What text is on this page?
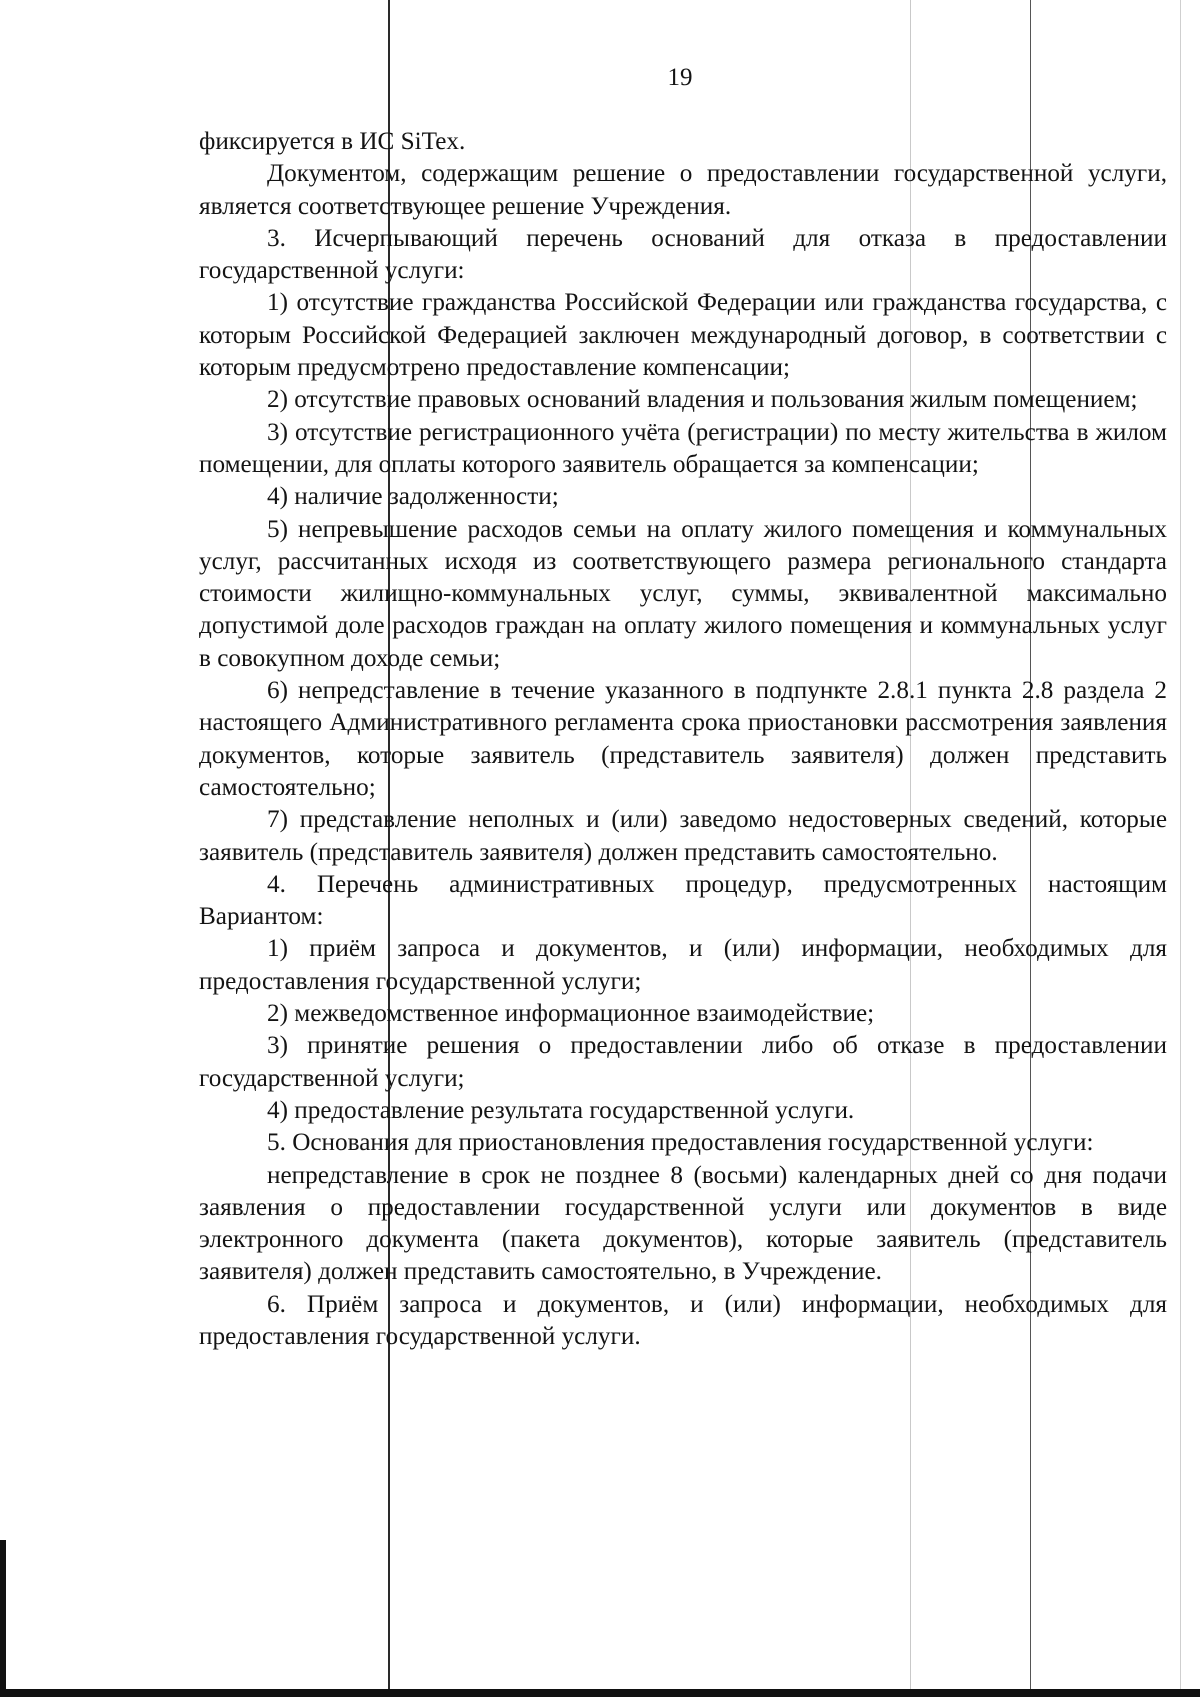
19

фиксируется в ИС SiTex.

Документом, содержащим решение о предоставлении государственной услуги, является соответствующее решение Учреждения.

3. Исчерпывающий перечень оснований для отказа в предоставлении государственной услуги:

1) отсутствие гражданства Российской Федерации или гражданства государства, с которым Российской Федерацией заключен международный договор, в соответствии с которым предусмотрено предоставление компенсации;

2) отсутствие правовых оснований владения и пользования жилым помещением;

3) отсутствие регистрационного учёта (регистрации) по месту жительства в жилом помещении, для оплаты которого заявитель обращается за компенсации;

4) наличие задолженности;

5) непревышение расходов семьи на оплату жилого помещения и коммунальных услуг, рассчитанных исходя из соответствующего размера регионального стандарта стоимости жилищно-коммунальных услуг, суммы, эквивалентной максимально допустимой доле расходов граждан на оплату жилого помещения и коммунальных услуг в совокупном доходе семьи;

6) непредставление в течение указанного в подпункте 2.8.1 пункта 2.8 раздела 2 настоящего Административного регламента срока приостановки рассмотрения заявления документов, которые заявитель (представитель заявителя) должен представить самостоятельно;

7) представление неполных и (или) заведомо недостоверных сведений, которые заявитель (представитель заявителя) должен представить самостоятельно.

4. Перечень административных процедур, предусмотренных настоящим Вариантом:

1) приём запроса и документов, и (или) информации, необходимых для предоставления государственной услуги;

2) межведомственное информационное взаимодействие;

3) принятие решения о предоставлении либо об отказе в предоставлении государственной услуги;

4) предоставление результата государственной услуги.

5. Основания для приостановления предоставления государственной услуги:

непредставление в срок не позднее 8 (восьми) календарных дней со дня подачи заявления о предоставлении государственной услуги или документов в виде электронного документа (пакета документов), которые заявитель (представитель заявителя) должен представить самостоятельно, в Учреждение.

6. Приём запроса и документов, и (или) информации, необходимых для предоставления государственной услуги.
